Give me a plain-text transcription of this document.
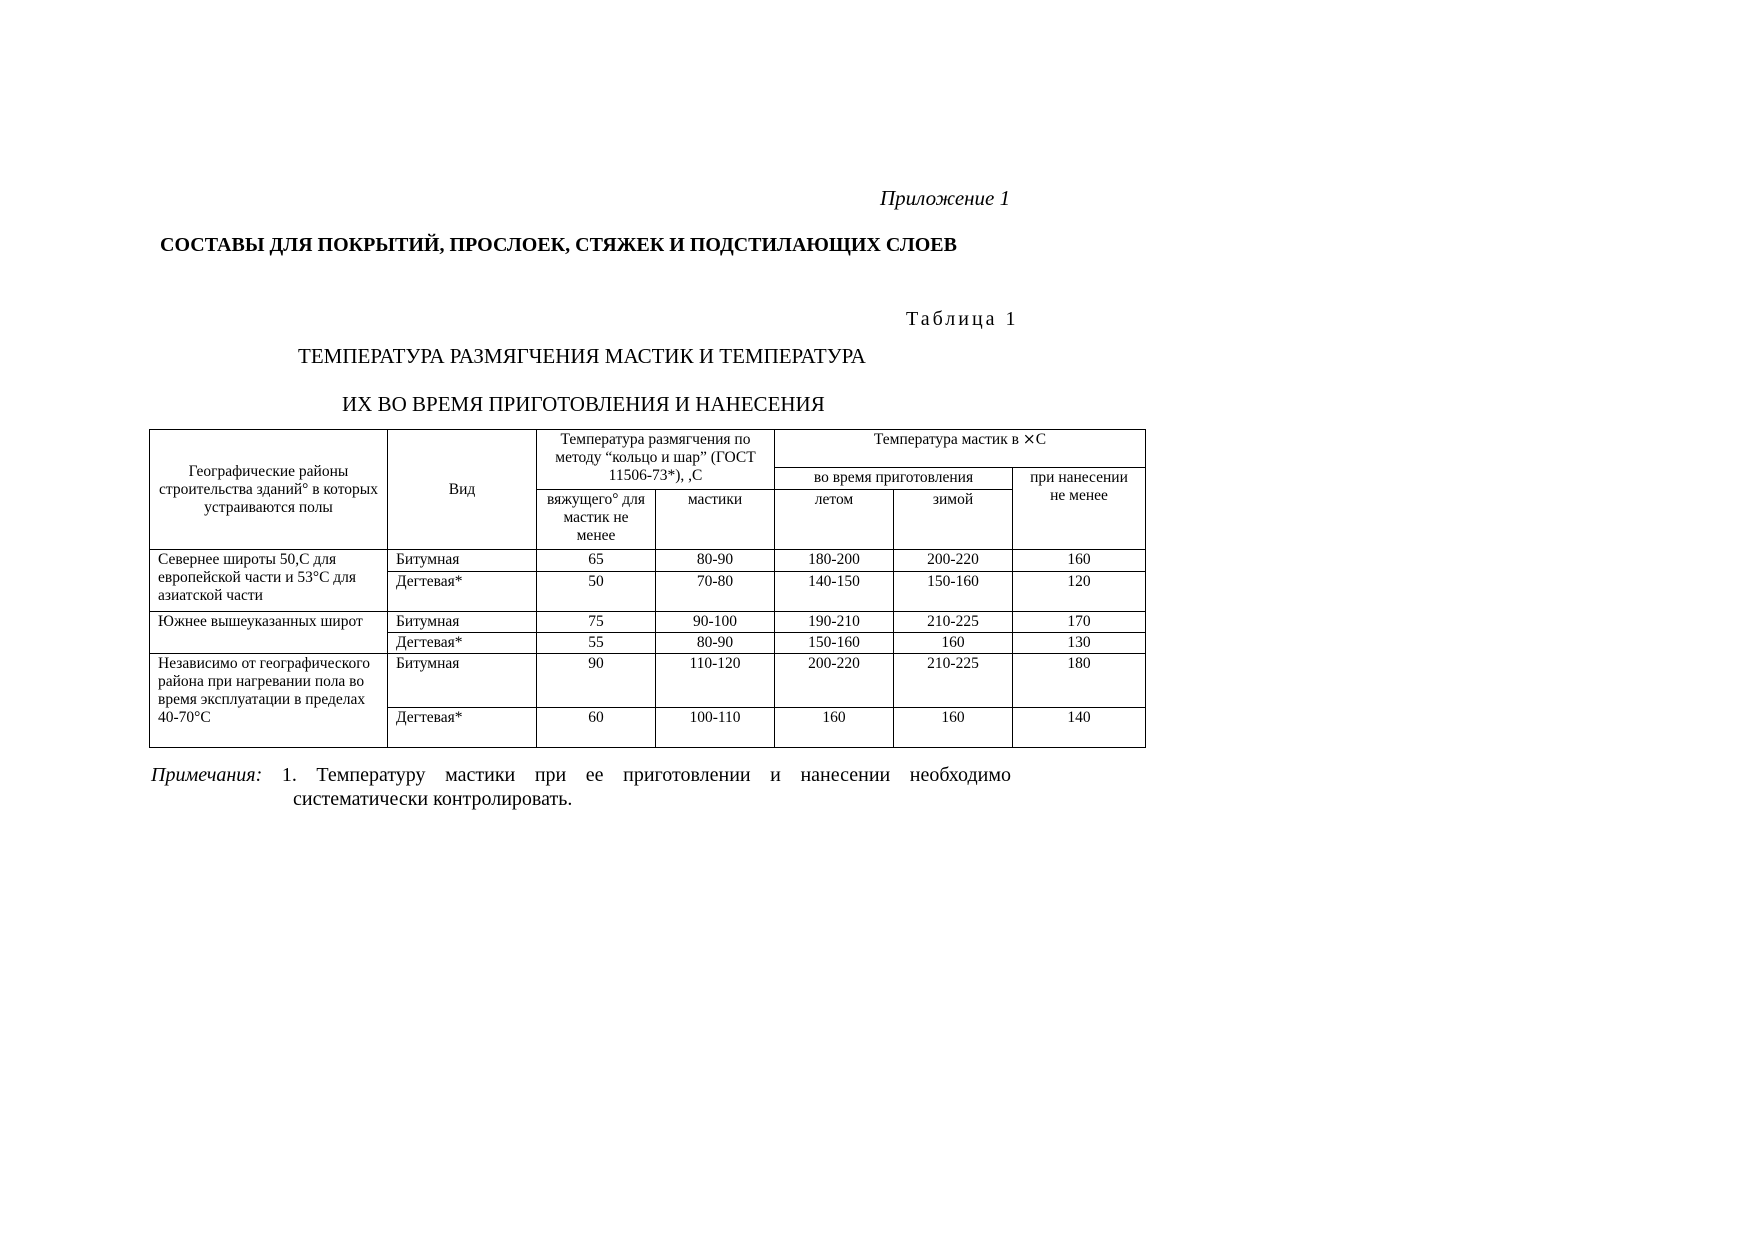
Приложение 1
СОСТАВЫ ДЛЯ ПОКРЫТИЙ, ПРОСЛОЕК, СТЯЖЕК И ПОДСТИЛАЮЩИХ СЛОЕВ
Таблица 1
ТЕМПЕРАТУРА РАЗМЯГЧЕНИЯ МАСТИК И ТЕМПЕРАТУРА
ИХ ВО ВРЕМЯ ПРИГОТОВЛЕНИЯ И НАНЕСЕНИЯ
Географические районы строительства зданий° в которых устраиваются полы	Вид	Температура размягчения по методу “кольцо и шар” (ГОСТ 11506-73*), ,С		Температура мастик в ⨯С		
				во время приготовления		при нанесении не менее
		вяжущего° для мастик не менее	мастики	летом	зимой	
Севернее широты 50,С для европейской части и 53°С для азиатской части	Битумная	65	80-90	180-200	200-220	160
	Дегтевая*	50	70-80	140-150	150-160	120
Южнее вышеуказанных широт	Битумная	75	90-100	190-210	210-225	170
	Дегтевая*	55	80-90	150-160	160	130
Независимо от географического района при нагревании пола во время эксплуатации в пределах 40-70°С	Битумная	90	110-120	200-220	210-225	180
	Дегтевая*	60	100-110	160	160	140
Примечания: 1. Температуру мастики при ее приготовлении и нанесении необходимо
систематически контролировать.
